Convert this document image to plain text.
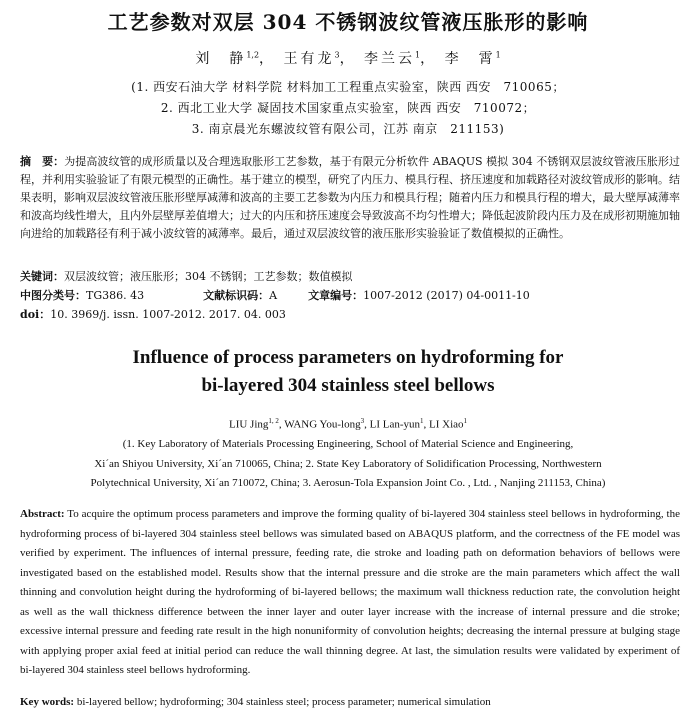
工艺参数对双层 304 不锈钢波纹管液压胀形的影响
刘　静$^{1,2}$， 王有龙$^3$， 李兰云$^1$， 李　霄$^1$
(1. 西安石油大学 材料学院 材料加工工程重点实验室，陕西 西安　710065；
2. 西北工业大学 凝固技术国家重点实验室，陕西 西安　710072；
3. 南京晨光东螺波纹管有限公司，江苏 南京　211153)
摘　要：为提高波纹管的成形质量以及合理选取胀形工艺参数，基于有限元分析软件 ABAQUS 模拟 304 不锈钢双层波纹管液压胀形过程，并利用实验验证了有限元模型的正确性。基于建立的模型，研究了内压力、模具行程、挤压速度和加载路径对波纹管成形的影响。结果表明，影响双层波纹管液压胀形壁厚减薄和波高的主要工艺参数为内压力和模具行程；随着内压力和模具行程的增大，最大壁厚减薄率和波高均线性增大，且内外层壁厚差值增大；过大的内压和挤压速度会导致波高不均匀性增大；降低起波阶段内压力及在成形初期施加轴向进给的加载路径有利于减小波纹管的减薄率。最后，通过双层波纹管的液压胀形实验验证了数值模拟的正确性。
关键词：双层波纹管；液压胀形；304 不锈钢；工艺参数；数值模拟
中图分类号：TG386. 43	文献标识码：A	文章编号：1007-2012 (2017) 04-0011-10
doi：10. 3969/j. issn. 1007-2012. 2017. 04. 003
Influence of process parameters on hydroforming for
bi-layered 304 stainless steel bellows
LIU Jing$^{1, 2}$, WANG You-long$^3$, LI Lan-yun$^1$, LI Xiao$^1$
(1. Key Laboratory of Materials Processing Engineering, School of Material Science and Engineering,
Xi´an Shiyou University, Xi´an 710065, China; 2. State Key Laboratory of Solidification Processing, Northwestern
Polytechnical University, Xi´an 710072, China; 3. Aerosun-Tola Expansion Joint Co. , Ltd. , Nanjing 211153, China)
Abstract: To acquire the optimum process parameters and improve the forming quality of bi-layered 304 stainless steel bellows in hydroforming, the hydroforming process of bi-layered 304 stainless steel bellows was simulated based on ABAQUS platform, and the correctness of the FE model was verified by experiment. The influences of internal pressure, feeding rate, die stroke and loading path on deformation behaviors of bellows were investigated based on the established model. Results show that the internal pressure and die stroke are the main parameters which affect the wall thinning and convolution height during the hydroforming of bi-layered bellows; the maximum wall thickness reduction rate, the convolution height as well as the wall thickness difference between the inner layer and outer layer increase with the increase of internal pressure and die stroke; excessive internal pressure and feeding rate result in the high nonuniformity of convolution heights; decreasing the internal pressure at bulging stage with applying proper axial feed at initial period can reduce the wall thinning degree. At last, the simulation results were validated by experiment of bi-layered 304 stainless steel bellows hydroforming.
Key words: bi-layered bellow; hydroforming; 304 stainless steel; process parameter; numerical simulation
